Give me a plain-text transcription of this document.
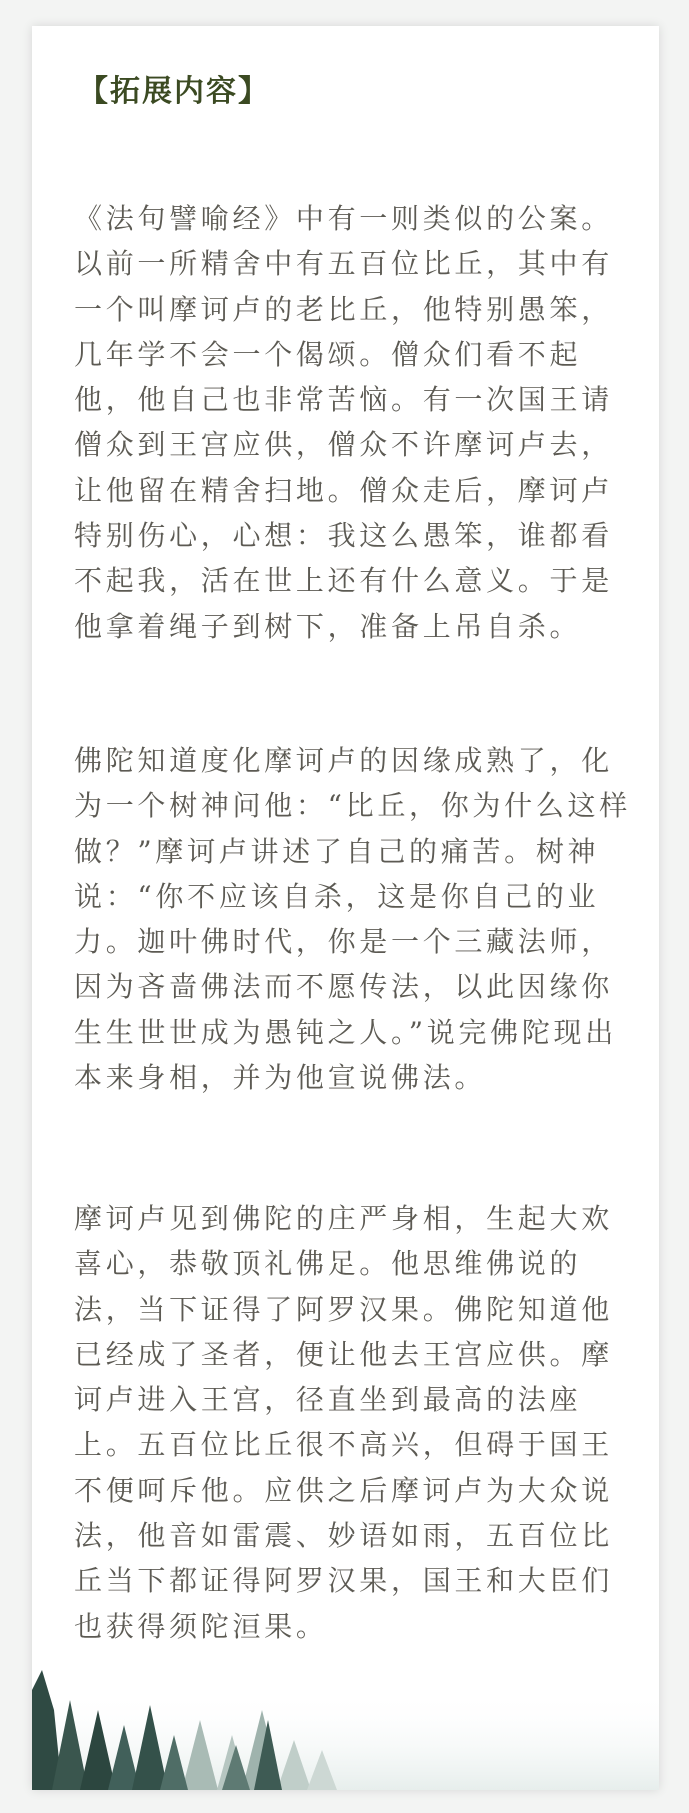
【拓展内容】

《法句譬喻经》中有一则类似的公案。以前一所精舍中有五百位比丘，其中有一个叫摩诃卢的老比丘，他特别愚笨，几年学不会一个偈颂。僧众们看不起他，他自己也非常苦恼。有一次国王请僧众到王宫应供，僧众不许摩诃卢去，让他留在精舍扫地。僧众走后，摩诃卢特别伤心，心想：我这么愚笨，谁都看不起我，活在世上还有什么意义。于是他拿着绳子到树下，准备上吊自杀。

佛陀知道度化摩诃卢的因缘成熟了，化为一个树神问他：“比丘，你为什么这样做？”摩诃卢讲述了自己的痛苦。树神说：“你不应该自杀，这是你自己的业力。迦叶佛时代，你是一个三藏法师，因为吝啬佛法而不愿传法，以此因缘你生生世世成为愚钝之人。”说完佛陀现出本来身相，并为他宣说佛法。

摩诃卢见到佛陀的庄严身相，生起大欢喜心，恭敬顶礼佛足。他思维佛说的法，当下证得了阿罗汉果。佛陀知道他已经成了圣者，便让他去王宫应供。摩诃卢进入王宫，径直坐到最高的法座上。五百位比丘很不高兴，但碍于国王不便呵斥他。应供之后摩诃卢为大众说法，他音如雷震、妙语如雨，五百位比丘当下都证得阿罗汉果，国王和大臣们也获得须陀洹果。
